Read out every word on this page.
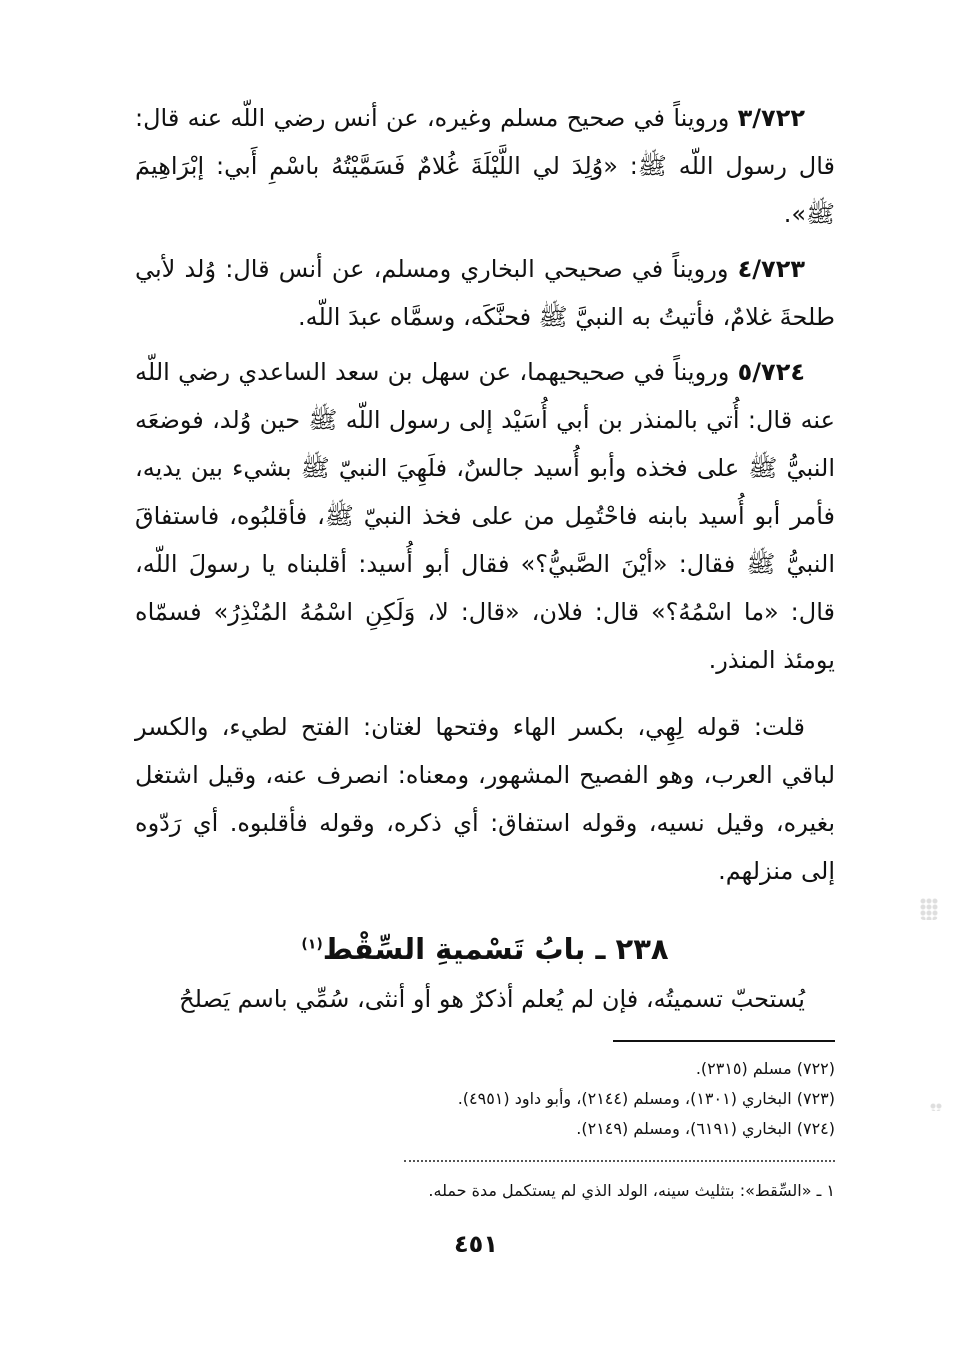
٣/٧٢٢ ورويناً في صحيح مسلم وغيره، عن أنس رضي اللّه عنه قال: قال رسول اللّه ﷺ: «وُلِدَ لي اللَّيْلَةَ غُلامٌ فَسَمَّيْتُهُ باسْمِ أَبي: إبْرَاهِيمَ ﷺ».

٤/٧٢٣ ورويناً في صحيحي البخاري ومسلم، عن أنس قال: وُلد لأبي طلحةَ غلامٌ، فأتيتُ به النبيَّ ﷺ فحنَّكَه، وسمَّاه عبدَ اللّه.

٥/٧٢٤ ورويناً في صحيحيهما، عن سهل بن سعد الساعدي رضي اللّه عنه قال: أُتي بالمنذر بن أبي أُسَيْد إلى رسول اللّه ﷺ حين وُلد، فوضعَه النبيُّ ﷺ على فخذه وأبو أُسيد جالسٌ، فلَهِيَ النبيّ ﷺ بشيء بين يديه، فأمر أبو أُسيد بابنه فاحْتُمِل من على فخذ النبيّ ﷺ، فأقلبُوه، فاستفاقَ النبيُّ ﷺ فقال: «أيْنَ الصَّبيُّ؟» فقال أبو أُسيد: أقلبناه يا رسولَ اللّه، قال: «ما اسْمُهُ؟» قال: فلان، «قال: لا، وَلَكِنِ اسْمُهُ المُنْذِرُ» فسمّاه يومئذ المنذر.

قلت: قوله لِهِي، بكسر الهاء وفتحها لغتان: الفتح لطيء، والكسر لباقي العرب، وهو الفصيح المشهور، ومعناه: انصرف عنه، وقيل اشتغل بغيره، وقيل نسيه، وقوله استفاق: أي ذكره، وقوله فأقلبوه. أي رَدّوه إلى منزلهم.

٢٣٨ ـ بابُ تَسْميةِ السِّقْط$^{(١)}$

يُستحبّ تسميتُه، فإن لم يُعلم أذكرٌ هو أو أنثى، سُمِّي باسم يَصلحُ

(٧٢٢) مسلم (٢٣١٥).

(٧٢٣) البخاري (١٣٠١)، ومسلم (٢١٤٤)، وأبو داود (٤٩٥١).

(٧٢٤) البخاري (٦١٩١)، ومسلم (٢١٤٩).

١ ـ «السِّقط»: بتثليث سينه، الولد الذي لم يستكمل مدة حمله.
٤٥١
